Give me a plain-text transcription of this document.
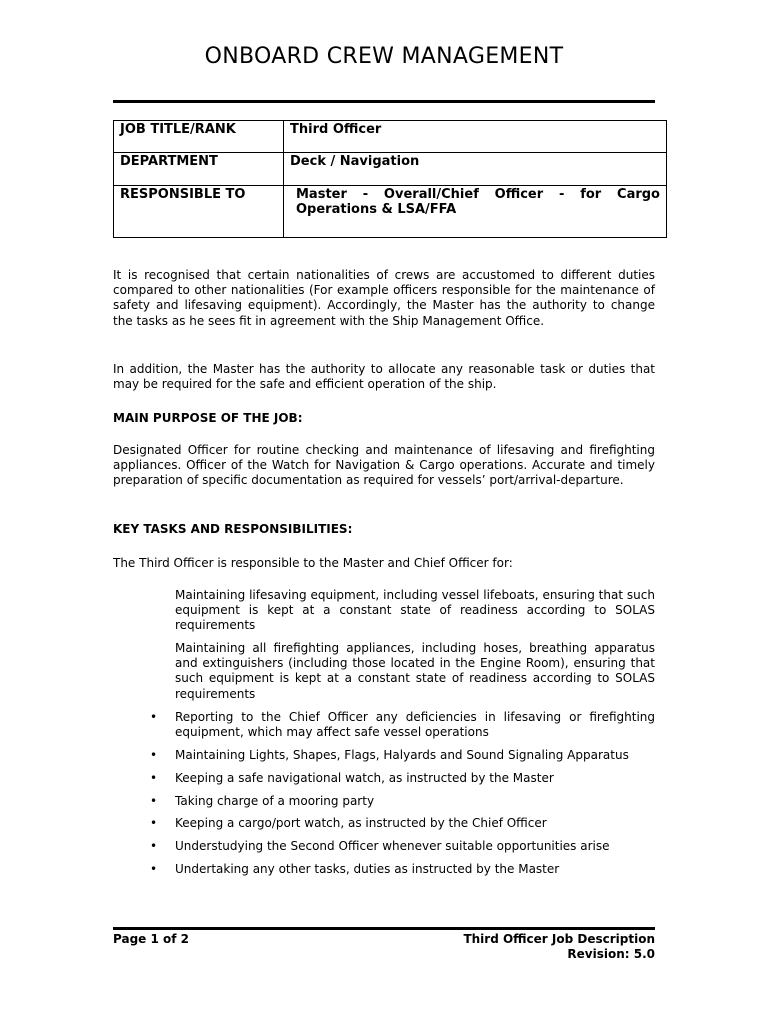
ONBOARD CREW MANAGEMENT
JOB TITLE/RANK	Third Officer
DEPARTMENT	Deck / Navigation
RESPONSIBLE TO	Master - Overall/Chief Officer - for Cargo Operations & LSA/FFA

It is recognised that certain nationalities of crews are accustomed to different duties compared to other nationalities (For example officers responsible for the maintenance of safety and lifesaving equipment). Accordingly, the Master has the authority to change the tasks as he sees fit in agreement with the Ship Management Office.

In addition, the Master has the authority to allocate any reasonable task or duties that may be required for the safe and efficient operation of the ship.

MAIN PURPOSE OF THE JOB:
Designated Officer for routine checking and maintenance of lifesaving and firefighting appliances. Officer of the Watch for Navigation & Cargo operations. Accurate and timely preparation of specific documentation as required for vessels’ port/arrival-departure.
KEY TASKS AND RESPONSIBILITIES:
The Third Officer is responsible to the Master and Chief Officer for:
Maintaining lifesaving equipment, including vessel lifeboats, ensuring that such equipment is kept at a constant state of readiness according to SOLAS requirements
Maintaining all firefighting appliances, including hoses, breathing apparatus and extinguishers (including those located in the Engine Room), ensuring that such equipment is kept at a constant state of readiness according to SOLAS requirements
• Reporting to the Chief Officer any deficiencies in lifesaving or firefighting equipment, which may affect safe vessel operations
• Maintaining Lights, Shapes, Flags, Halyards and Sound Signaling Apparatus
• Keeping a safe navigational watch, as instructed by the Master
• Taking charge of a mooring party
• Keeping a cargo/port watch, as instructed by the Chief Officer
• Understudying the Second Officer whenever suitable opportunities arise
• Undertaking any other tasks, duties as instructed by the Master
Page 1 of 2	Third Officer Job Description
Revision: 5.0
